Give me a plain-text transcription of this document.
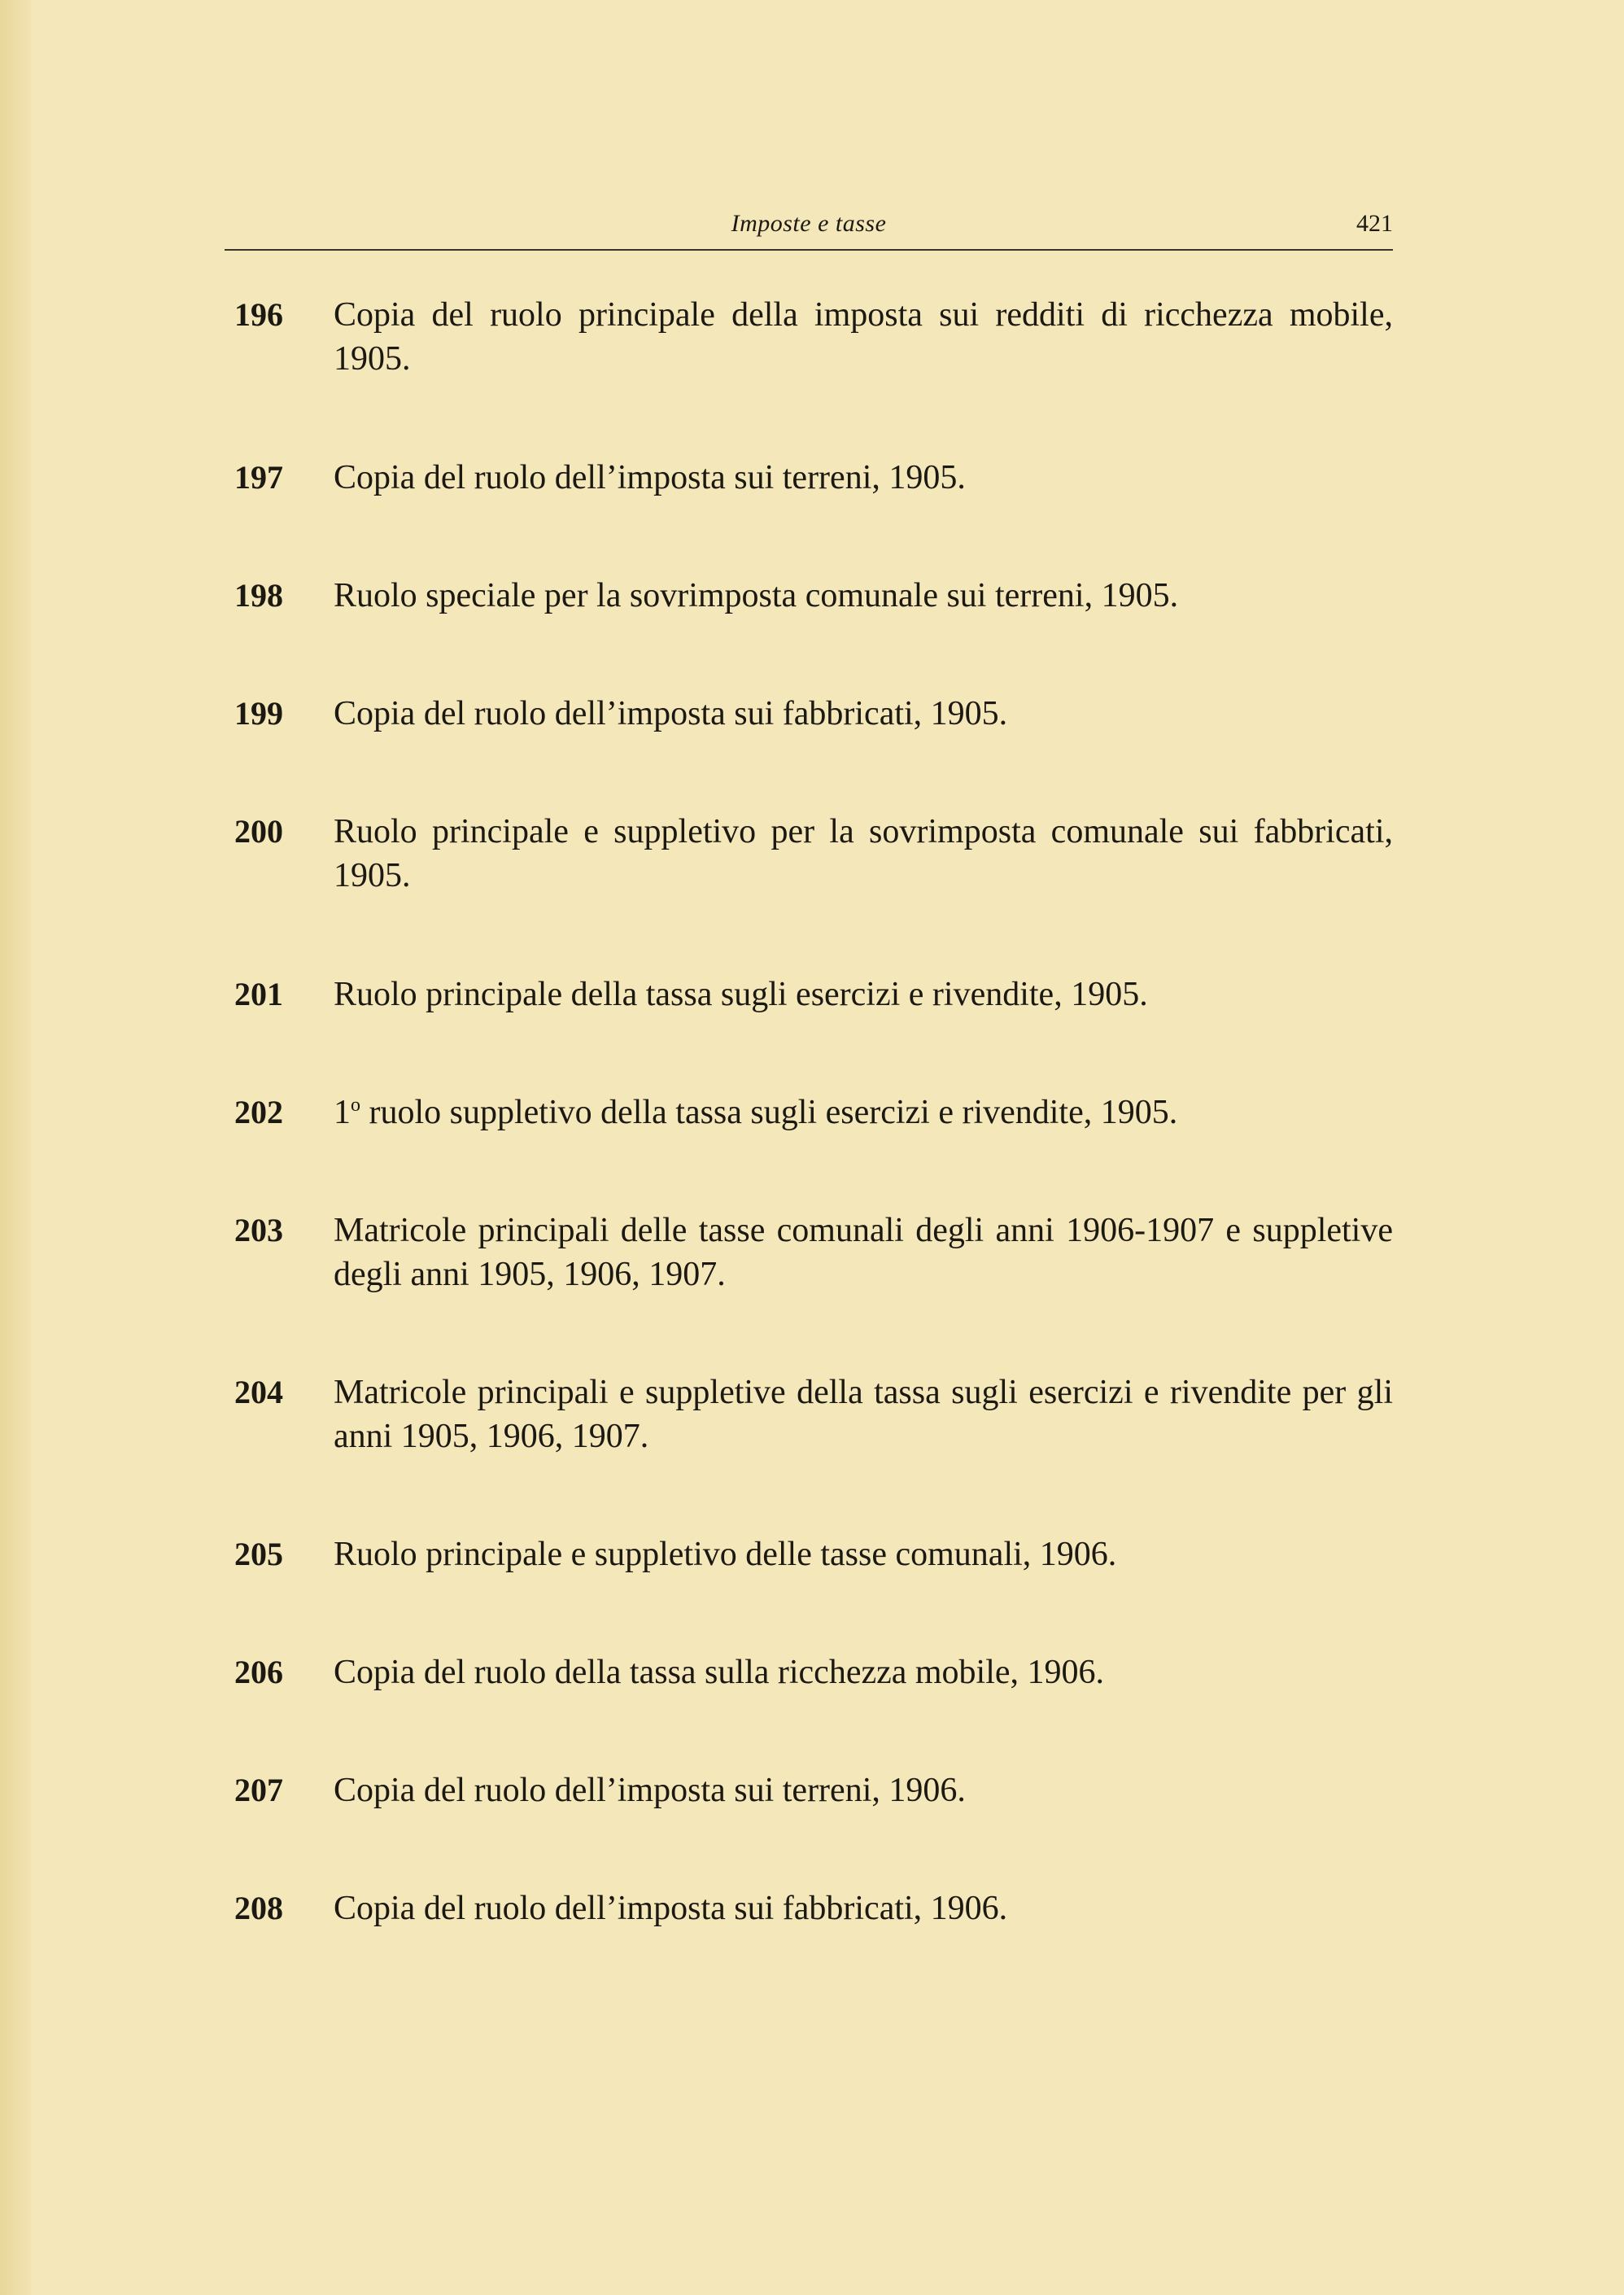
Imposte e tasse	421
196	Copia del ruolo principale della imposta sui redditi di ricchezza mobile, 1905.
197	Copia del ruolo dell’imposta sui terreni, 1905.
198	Ruolo speciale per la sovrimposta comunale sui terreni, 1905.
199	Copia del ruolo dell’imposta sui fabbricati, 1905.
200	Ruolo principale e suppletivo per la sovrimposta comunale sui fabbricati, 1905.
201	Ruolo principale della tassa sugli esercizi e rivendite, 1905.
202	1$^o$ ruolo suppletivo della tassa sugli esercizi e rivendite, 1905.
203	Matricole principali delle tasse comunali degli anni 1906-1907 e suppletive degli anni 1905, 1906, 1907.
204	Matricole principali e suppletive della tassa sugli esercizi e rivendite per gli anni 1905, 1906, 1907.
205	Ruolo principale e suppletivo delle tasse comunali, 1906.
206	Copia del ruolo della tassa sulla ricchezza mobile, 1906.
207	Copia del ruolo dell’imposta sui terreni, 1906.
208	Copia del ruolo dell’imposta sui fabbricati, 1906.
